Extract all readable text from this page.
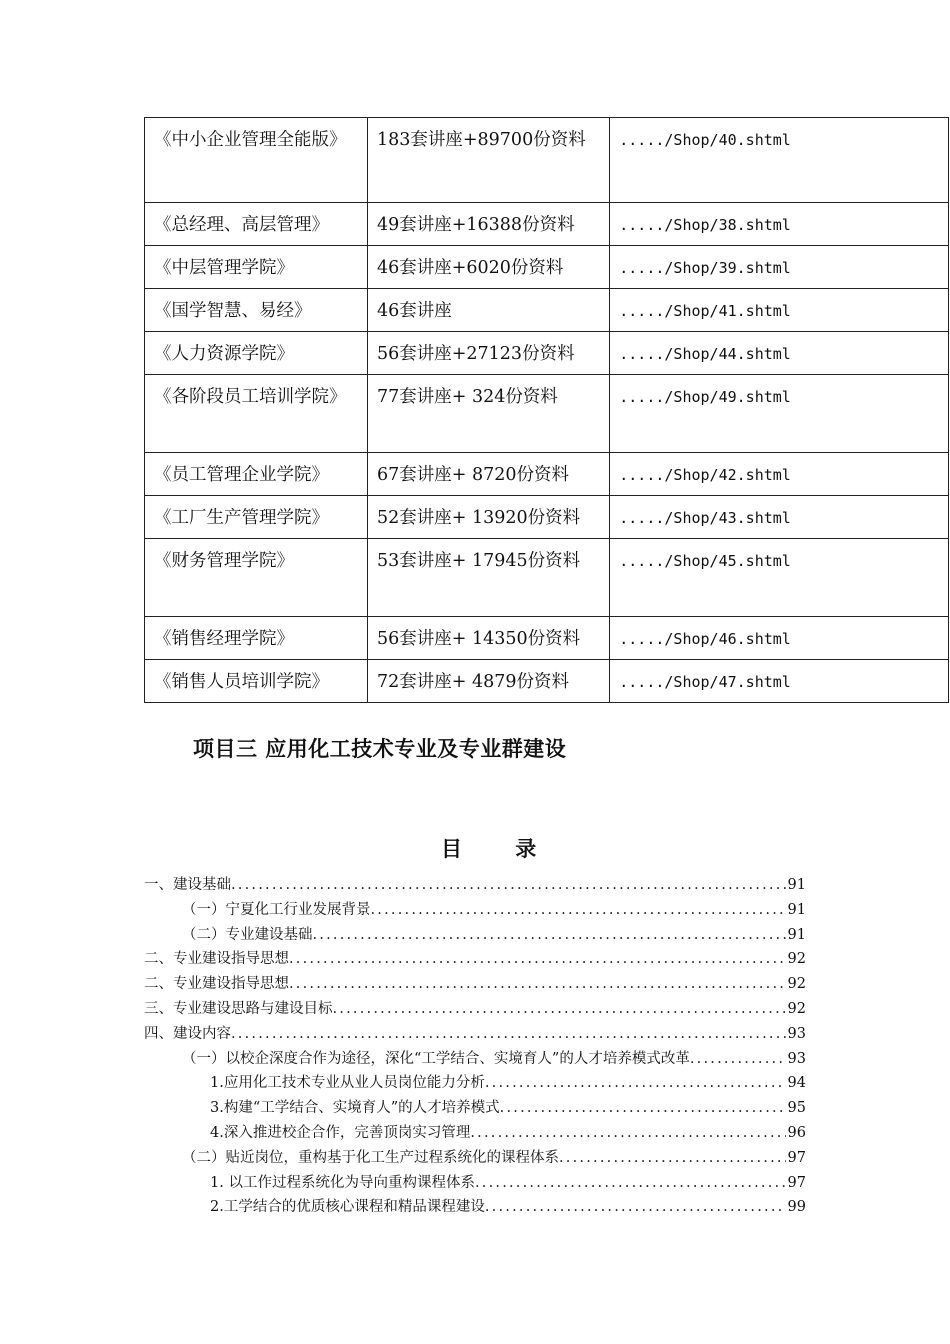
《中小企业管理全能版》	183套讲座+89700份资料	...../Shop/40.shtml
《总经理、高层管理》	49套讲座+16388份资料	...../Shop/38.shtml
《中层管理学院》	46套讲座+6020份资料	...../Shop/39.shtml
《国学智慧、易经》	46套讲座	...../Shop/41.shtml
《人力资源学院》	56套讲座+27123份资料	...../Shop/44.shtml
《各阶段员工培训学院》	77套讲座+ 324份资料	...../Shop/49.shtml
《员工管理企业学院》	67套讲座+ 8720份资料	...../Shop/42.shtml
《工厂生产管理学院》	52套讲座+ 13920份资料	...../Shop/43.shtml
《财务管理学院》	53套讲座+ 17945份资料	...../Shop/45.shtml
《销售经理学院》	56套讲座+ 14350份资料	...../Shop/46.shtml
《销售人员培训学院》	72套讲座+ 4879份资料	...../Shop/47.shtml
项目三 应用化工技术专业及专业群建设
目 录
一、建设基础 .....	91
（一）宁夏化工行业发展背景 .....	91
（二）专业建设基础 .....	91
二、专业建设指导思想 .....	92
二、专业建设指导思想 .....	92
三、专业建设思路与建设目标 .....	92
四、建设内容 .....	93
（一）以校企深度合作为途径，深化“工学结合、实境育人”的人才培养模式改革 .....	93
1.应用化工技术专业从业人员岗位能力分析 .....	94
3.构建“工学结合、实境育人”的人才培养模式 .....	95
4.深入推进校企合作，完善顶岗实习管理 .....	96
（二）贴近岗位，重构基于化工生产过程系统化的课程体系 .....	97
1. 以工作过程系统化为导向重构课程体系 .....	97
2.工学结合的优质核心课程和精品课程建设 .....	99
